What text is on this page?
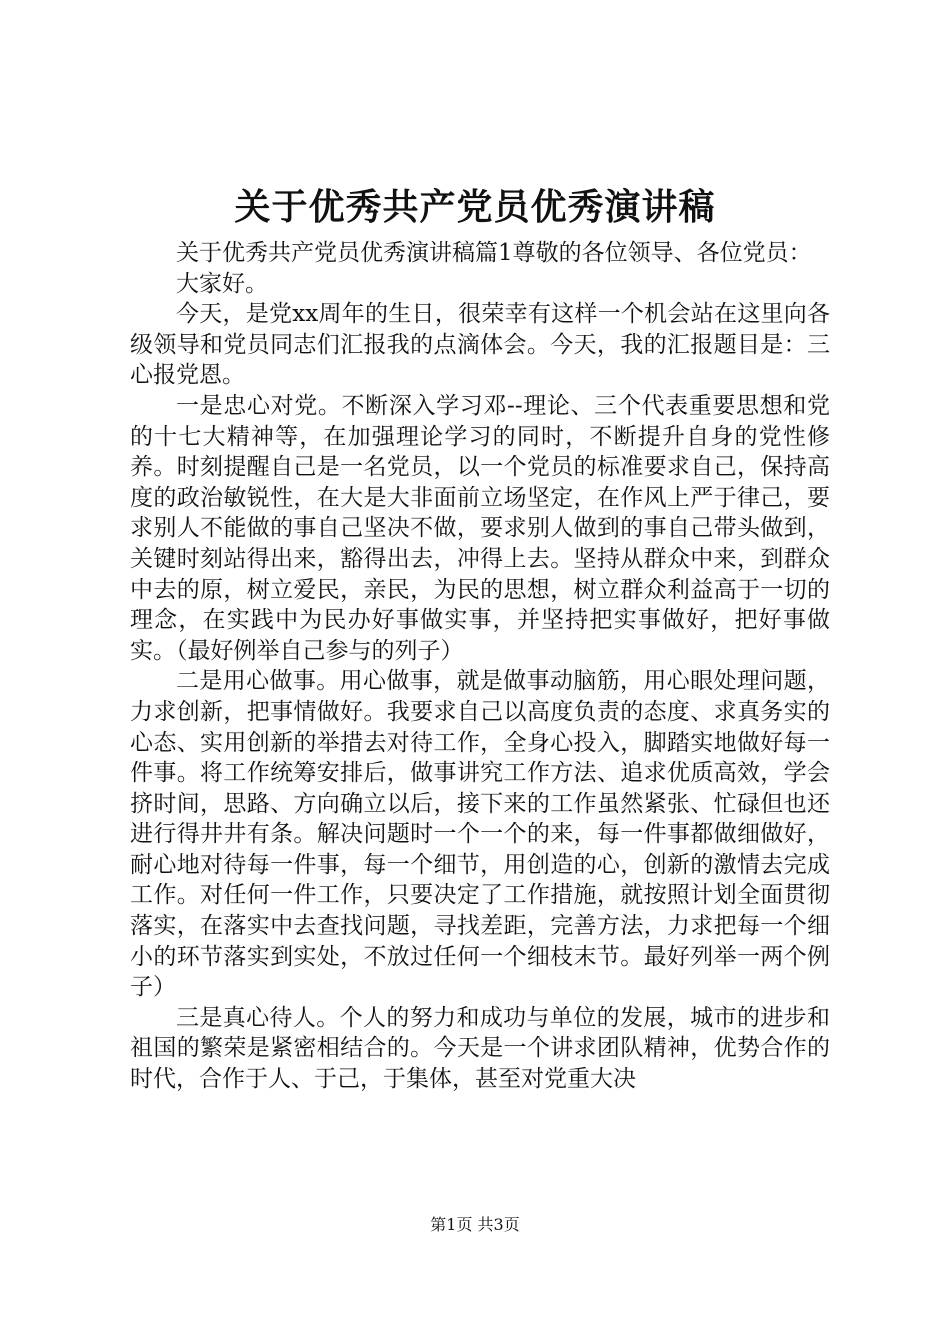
关于优秀共产党员优秀演讲稿

关于优秀共产党员优秀演讲稿篇1尊敬的各位领导、各位党员：

大家好。

今天，是党xx周年的生日，很荣幸有这样一个机会站在这里向各级领导和党员同志们汇报我的点滴体会。今天，我的汇报题目是：三心报党恩。

一是忠心对党。不断深入学习邓--理论、三个代表重要思想和党的十七大精神等，在加强理论学习的同时，不断提升自身的党性修养。时刻提醒自己是一名党员，以一个党员的标准要求自己，保持高度的政治敏锐性，在大是大非面前立场坚定，在作风上严于律己，要求别人不能做的事自己坚决不做，要求别人做到的事自己带头做到，关键时刻站得出来，豁得出去，冲得上去。坚持从群众中来，到群众中去的原，树立爱民，亲民，为民的思想，树立群众利益高于一切的理念，在实践中为民办好事做实事，并坚持把实事做好，把好事做实。（最好例举自己参与的列子）

二是用心做事。用心做事，就是做事动脑筋，用心眼处理问题，力求创新，把事情做好。我要求自己以高度负责的态度、求真务实的心态、实用创新的举措去对待工作，全身心投入，脚踏实地做好每一件事。将工作统筹安排后，做事讲究工作方法、追求优质高效，学会挤时间，思路、方向确立以后，接下来的工作虽然紧张、忙碌但也还进行得井井有条。解决问题时一个一个的来，每一件事都做细做好，耐心地对待每一件事，每一个细节，用创造的心，创新的激情去完成工作。对任何一件工作，只要决定了工作措施，就按照计划全面贯彻落实，在落实中去查找问题，寻找差距，完善方法，力求把每一个细小的环节落实到实处，不放过任何一个细枝末节。最好列举一两个例子）

三是真心待人。个人的努力和成功与单位的发展，城市的进步和祖国的繁荣是紧密相结合的。今天是一个讲求团队精神，优势合作的时代，合作于人、于己，于集体，甚至对党重大决

第1页 共3页
